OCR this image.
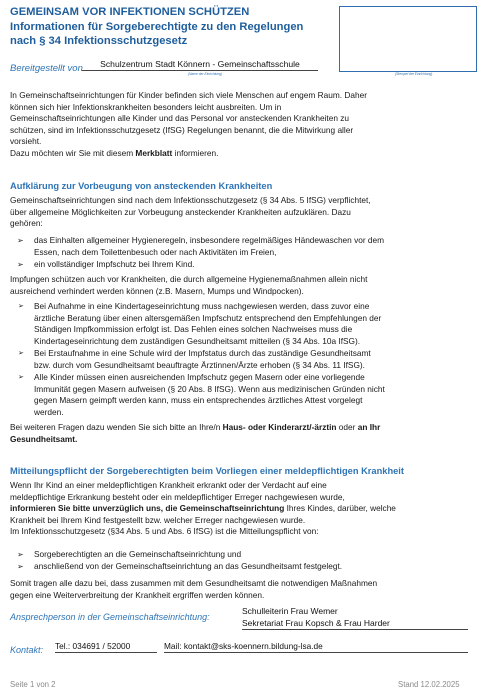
GEMEINSAM VOR INFEKTIONEN SCHÜTZEN
Informationen für Sorgeberechtigte zu den Regelungen
nach § 34 Infektionsschutzgesetz
(Stempel der Einrichtung)
Bereitgestellt von	Schulzentrum Stadt Könnern - Gemeinschaftsschule
(Name der Einrichtung)
In Gemeinschaftseinrichtungen für Kinder befinden sich viele Menschen auf engem Raum. Daher
können sich hier Infektionskrankheiten besonders leicht ausbreiten. Um in
Gemeinschaftseinrichtungen alle Kinder und das Personal vor ansteckenden Krankheiten zu
schützen, sind im Infektionsschutzgesetz (IfSG) Regelungen benannt, die die Mitwirkung aller
vorsieht.
Dazu möchten wir Sie mit diesem Merkblatt informieren.
Aufklärung zur Vorbeugung von ansteckenden Krankheiten
Gemeinschaftseinrichtungen sind nach dem Infektionsschutzgesetz (§ 34 Abs. 5 IfSG) verpflichtet,
über allgemeine Möglichkeiten zur Vorbeugung ansteckender Krankheiten aufzuklären. Dazu
gehören:
➢ das Einhalten allgemeiner Hygieneregeln, insbesondere regelmäßiges Händewaschen vor dem
Essen, nach dem Toilettenbesuch oder nach Aktivitäten im Freien,
➢ ein vollständiger Impfschutz bei Ihrem Kind.
Impfungen schützen auch vor Krankheiten, die durch allgemeine Hygienemaßnahmen allein nicht
ausreichend verhindert werden können (z.B. Masern, Mumps und Windpocken).
➢ Bei Aufnahme in eine Kindertageseinrichtung muss nachgewiesen werden, dass zuvor eine
ärztliche Beratung über einen altersgemäßen Impfschutz entsprechend den Empfehlungen der
Ständigen Impfkommission erfolgt ist. Das Fehlen eines solchen Nachweises muss die
Kindertageseinrichtung dem zuständigen Gesundheitsamt mitteilen (§ 34 Abs. 10a IfSG).
➢ Bei Erstaufnahme in eine Schule wird der Impfstatus durch das zuständige Gesundheitsamt
bzw. durch vom Gesundheitsamt beauftragte Ärztinnen/Ärzte erhoben (§ 34 Abs. 11 IfSG).
➢ Alle Kinder müssen einen ausreichenden Impfschutz gegen Masern oder eine vorliegende
Immunität gegen Masern aufweisen (§ 20 Abs. 8 IfSG). Wenn aus medizinischen Gründen nicht
gegen Masern geimpft werden kann, muss ein entsprechendes ärztliches Attest vorgelegt
werden.
Bei weiteren Fragen dazu wenden Sie sich bitte an Ihre/n Haus- oder Kinderarzt/-ärztin oder an Ihr
Gesundheitsamt.
Mitteilungspflicht der Sorgeberechtigten beim Vorliegen einer meldepflichtigen Krankheit
Wenn Ihr Kind an einer meldepflichtigen Krankheit erkrankt oder der Verdacht auf eine
meldepflichtige Erkrankung besteht oder ein meldepflichtiger Erreger nachgewiesen wurde,
informieren Sie bitte unverzüglich uns, die Gemeinschaftseinrichtung Ihres Kindes, darüber, welche
Krankheit bei Ihrem Kind festgestellt bzw. welcher Erreger nachgewiesen wurde.
Im Infektionsschutzgesetz (§34 Abs. 5 und Abs. 6 IfSG) ist die Mitteilungspflicht von:
➢ Sorgeberechtigten an die Gemeinschaftseinrichtung und
➢ anschließend von der Gemeinschaftseinrichtung an das Gesundheitsamt festgelegt.
Somit tragen alle dazu bei, dass zusammen mit dem Gesundheitsamt die notwendigen Maßnahmen
gegen eine Weiterverbreitung der Krankheit ergriffen werden können.
Ansprechperson in der Gemeinschaftseinrichtung:
Schulleiterin Frau Wemer
Sekretariat Frau Kopsch & Frau Harder
Kontakt: Tel.: 034691 / 52000	Mail: kontakt@sks-koennern.bildung-lsa.de
Seite 1 von 2	Stand 12.02.2025
